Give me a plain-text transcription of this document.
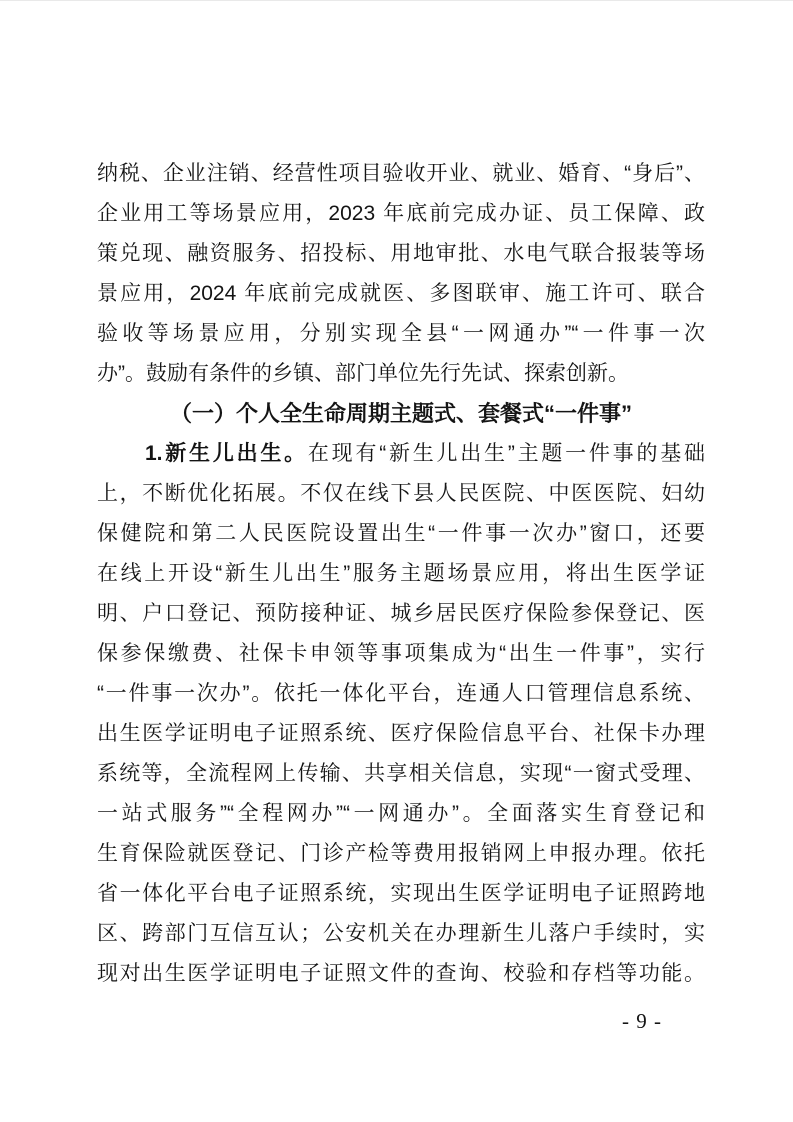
纳税、企业注销、经营性项目验收开业、就业、婚育、“身后”、
企业用工等场景应用，2023 年底前完成办证、员工保障、政
策兑现、融资服务、招投标、用地审批、水电气联合报装等场
景应用，2024 年底前完成就医、多图联审、施工许可、联合
验收等场景应用，分别实现全县“一网通办”“一件事一次
办”。鼓励有条件的乡镇、部门单位先行先试、探索创新。
（一）个人全生命周期主题式、套餐式“一件事”
1.新生儿出生。在现有“新生儿出生”主题一件事的基础
上，不断优化拓展。不仅在线下县人民医院、中医医院、妇幼
保健院和第二人民医院设置出生“一件事一次办”窗口，还要
在线上开设“新生儿出生”服务主题场景应用，将出生医学证
明、户口登记、预防接种证、城乡居民医疗保险参保登记、医
保参保缴费、社保卡申领等事项集成为“出生一件事”，实行
“一件事一次办”。依托一体化平台，连通人口管理信息系统、
出生医学证明电子证照系统、医疗保险信息平台、社保卡办理
系统等，全流程网上传输、共享相关信息，实现“一窗式受理、
一站式服务”“全程网办”“一网通办”。全面落实生育登记和
生育保险就医登记、门诊产检等费用报销网上申报办理。依托
省一体化平台电子证照系统，实现出生医学证明电子证照跨地
区、跨部门互信互认；公安机关在办理新生儿落户手续时，实
现对出生医学证明电子证照文件的查询、校验和存档等功能。
- 9 -
